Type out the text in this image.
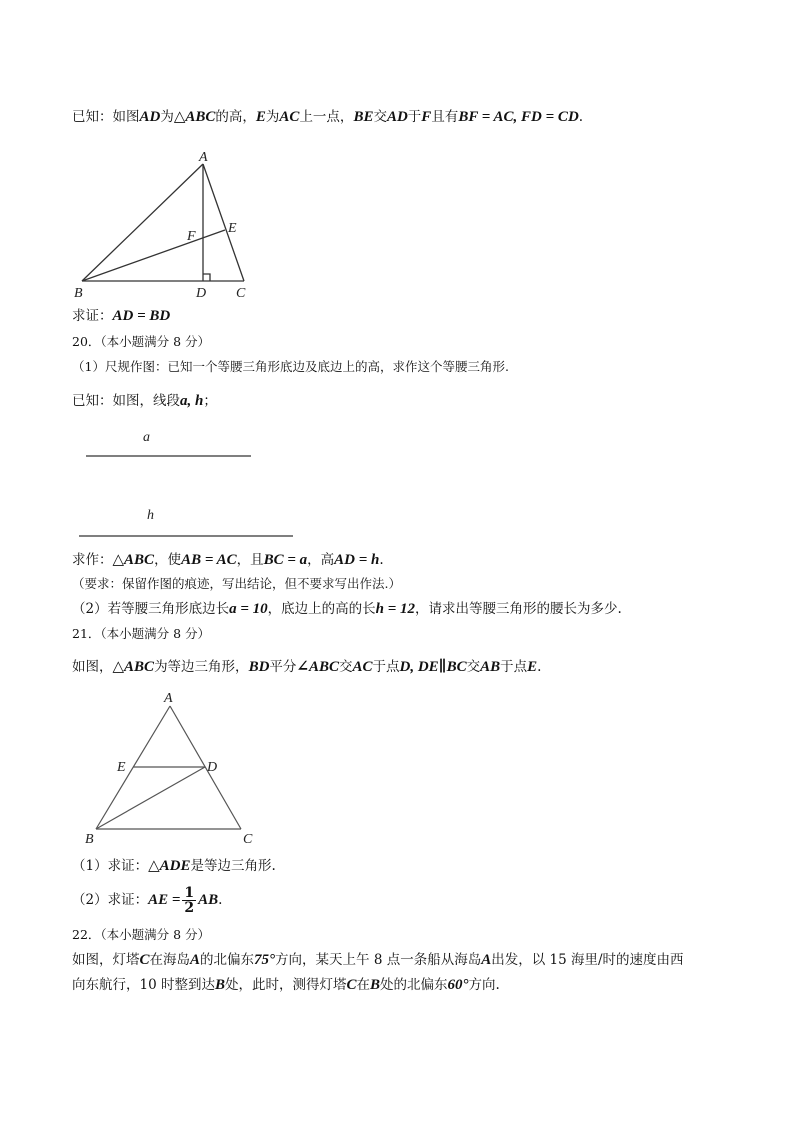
已知：如图AD为△ABC的高，E为AC上一点，BE交AD于F且有BF = AC, FD = CD.
A
B	C
D
E
F
求证：AD = BD
20．（本小题满分 8 分）
（1）尺规作图：已知一个等腰三角形底边及底边上的高，求作这个等腰三角形.
已知：如图，线段a, h；
a
h
求作：△ABC，使AB = AC，且BC = a，高AD = h.
（要求：保留作图的痕迹，写出结论，但不要求写出作法.）
（2）若等腰三角形底边长a = 10，底边上的高的长h = 12，请求出等腰三角形的腰长为多少.
21．（本小题满分 8 分）
如图，△ABC为等边三角形，BD平分∠ABC交AC于点D, DE∥BC交AB于点E.
A
B	C
D
E
（1）求证：△ADE是等边三角形.
（2）求证：AE = $\frac{1}{2}$ AB.
22．（本小题满分 8 分）
如图，灯塔C在海岛A的北偏东75°方向，某天上午 8 点一条船从海岛A出发，以 15 海里/时的速度由西
向东航行，10 时整到达B处，此时，测得灯塔C在B处的北偏东60°方向.
